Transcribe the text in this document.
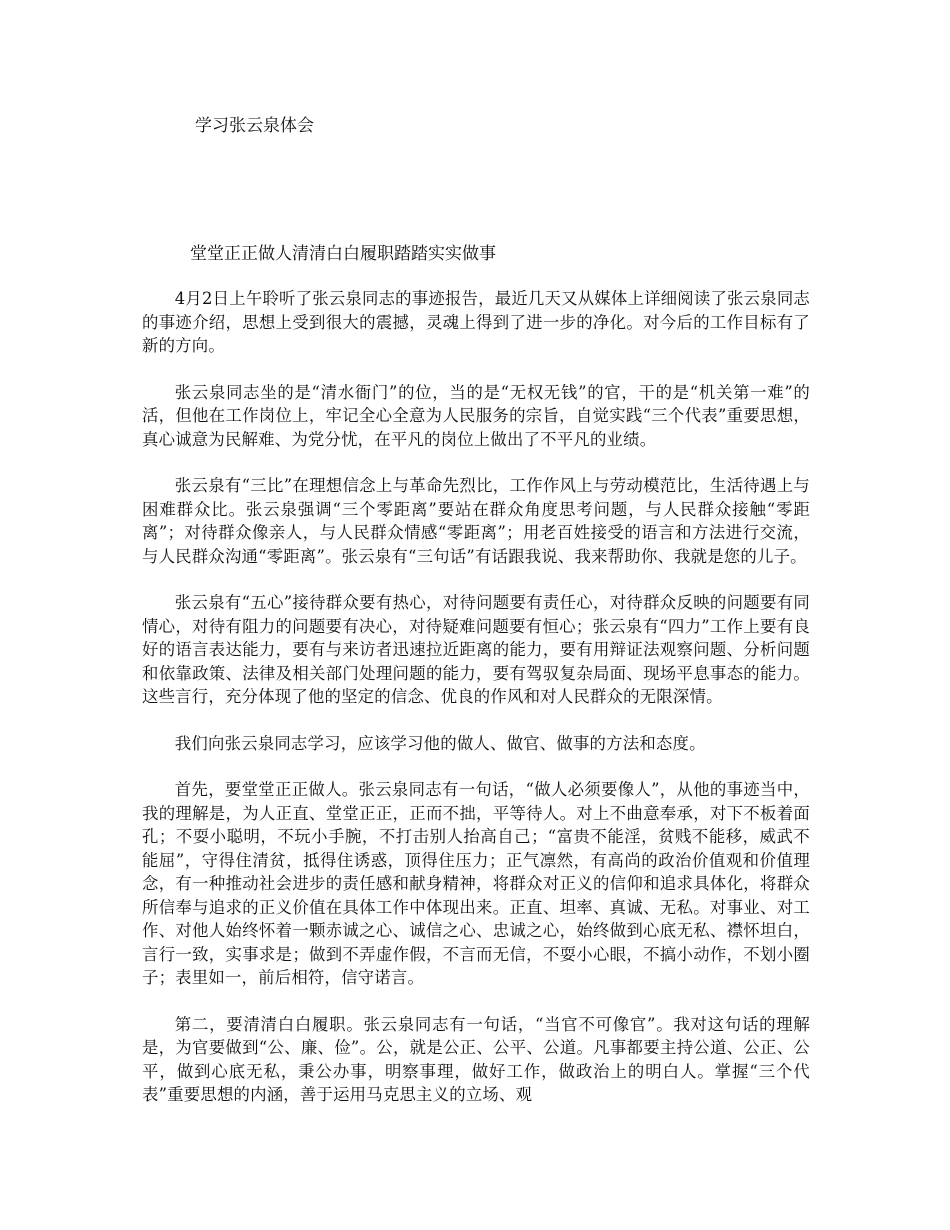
学习张云泉体会
堂堂正正做人清清白白履职踏踏实实做事

4月2日上午聆听了张云泉同志的事迹报告，最近几天又从媒体上详细阅读了张云泉同志的事迹介绍，思想上受到很大的震撼，灵魂上得到了进一步的净化。对今后的工作目标有了新的方向。

张云泉同志坐的是“清水衙门”的位，当的是“无权无钱”的官，干的是“机关第一难”的活，但他在工作岗位上，牢记全心全意为人民服务的宗旨，自觉实践“三个代表”重要思想，真心诚意为民解难、为党分忧，在平凡的岗位上做出了不平凡的业绩。

张云泉有“三比”在理想信念上与革命先烈比，工作作风上与劳动模范比，生活待遇上与困难群众比。张云泉强调“三个零距离”要站在群众角度思考问题，与人民群众接触“零距离”；对待群众像亲人，与人民群众情感“零距离”；用老百姓接受的语言和方法进行交流，与人民群众沟通“零距离”。张云泉有“三句话”有话跟我说、我来帮助你、我就是您的儿子。

张云泉有“五心”接待群众要有热心，对待问题要有责任心，对待群众反映的问题要有同情心，对待有阻力的问题要有决心，对待疑难问题要有恒心；张云泉有“四力”工作上要有良好的语言表达能力，要有与来访者迅速拉近距离的能力，要有用辩证法观察问题、分析问题和依靠政策、法律及相关部门处理问题的能力，要有驾驭复杂局面、现场平息事态的能力。这些言行，充分体现了他的坚定的信念、优良的作风和对人民群众的无限深情。

我们向张云泉同志学习，应该学习他的做人、做官、做事的方法和态度。

首先，要堂堂正正做人。张云泉同志有一句话，“做人必须要像人”，从他的事迹当中，我的理解是，为人正直、堂堂正正，正而不拙，平等待人。对上不曲意奉承，对下不板着面孔；不耍小聪明，不玩小手腕，不打击别人抬高自己；“富贵不能淫，贫贱不能移，威武不能屈”，守得住清贫，抵得住诱惑，顶得住压力；正气凛然，有高尚的政治价值观和价值理念，有一种推动社会进步的责任感和献身精神，将群众对正义的信仰和追求具体化，将群众所信奉与追求的正义价值在具体工作中体现出来。正直、坦率、真诚、无私。对事业、对工作、对他人始终怀着一颗赤诚之心、诚信之心、忠诚之心，始终做到心底无私、襟怀坦白，言行一致，实事求是；做到不弄虚作假，不言而无信，不耍小心眼，不搞小动作，不划小圈子；表里如一，前后相符，信守诺言。

第二，要清清白白履职。张云泉同志有一句话，“当官不可像官”。我对这句话的理解是，为官要做到“公、廉、俭”。公，就是公正、公平、公道。凡事都要主持公道、公正、公平，做到心底无私，秉公办事，明察事理，做好工作，做政治上的明白人。掌握“三个代表”重要思想的内涵，善于运用马克思主义的立场、观
